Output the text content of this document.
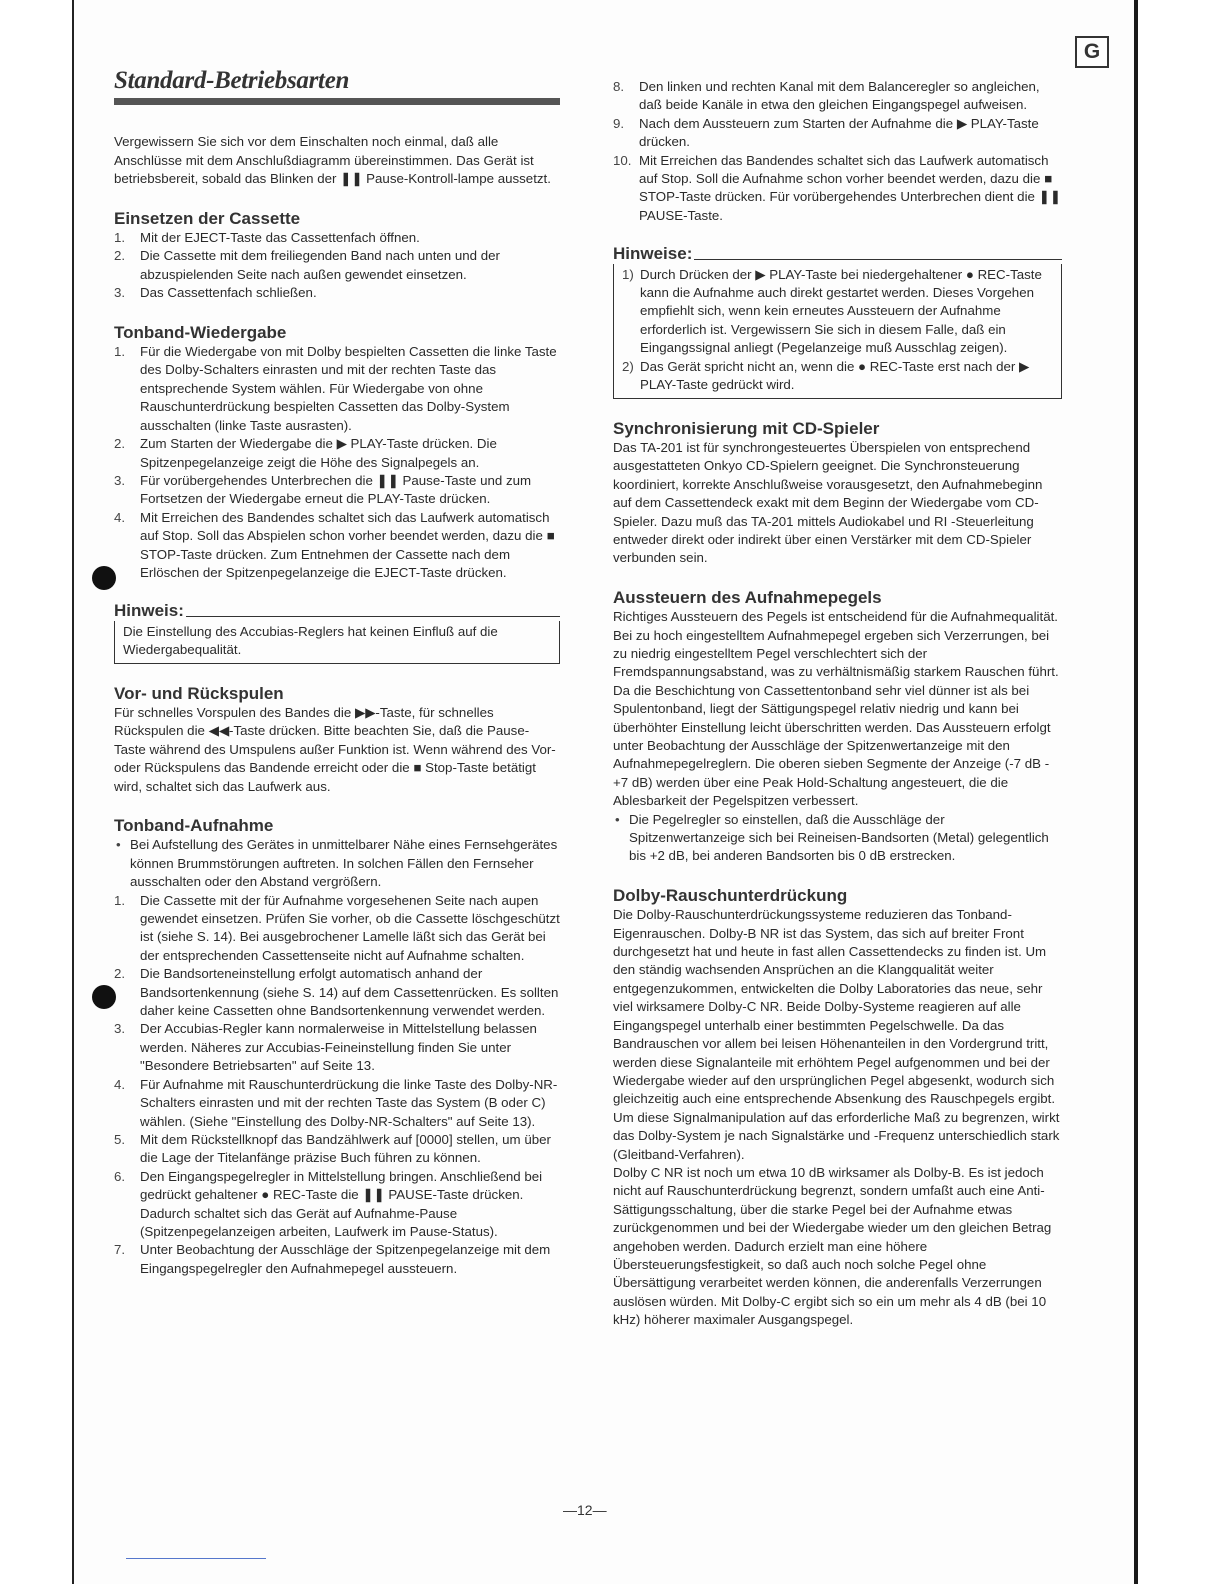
G
Standard-Betriebsarten

Vergewissern Sie sich vor dem Einschalten noch einmal, daß alle Anschlüsse mit dem Anschlußdiagramm übereinstimmen. Das Gerät ist betriebsbereit, sobald das Blinken der ❚❚ Pause-Kontroll-lampe aussetzt.

Einsetzen der Cassette
1. Mit der EJECT-Taste das Cassettenfach öffnen.
2. Die Cassette mit dem freiliegenden Band nach unten und der abzuspielenden Seite nach außen gewendet einsetzen.
3. Das Cassettenfach schließen.
Tonband-Wiedergabe
1. Für die Wiedergabe von mit Dolby bespielten Cassetten die linke Taste des Dolby-Schalters einrasten und mit der rechten Taste das entsprechende System wählen. Für Wiedergabe von ohne Rauschunterdrückung bespielten Cassetten das Dolby-System ausschalten (linke Taste ausrasten).
2. Zum Starten der Wiedergabe die ▶ PLAY-Taste drücken. Die Spitzenpegelanzeige zeigt die Höhe des Signalpegels an.
3. Für vorübergehendes Unterbrechen die ❚❚ Pause-Taste und zum Fortsetzen der Wiedergabe erneut die PLAY-Taste drücken.
4. Mit Erreichen des Bandendes schaltet sich das Laufwerk automatisch auf Stop. Soll das Abspielen schon vorher beendet werden, dazu die ■ STOP-Taste drücken. Zum Entnehmen der Cassette nach dem Erlöschen der Spitzenpegelanzeige die EJECT-Taste drücken.
Hinweis:

Die Einstellung des Accubias-Reglers hat keinen Einfluß auf die Wiedergabequalität.

Vor- und Rückspulen

Für schnelles Vorspulen des Bandes die ▶▶-Taste, für schnelles Rückspulen die ◀◀-Taste drücken. Bitte beachten Sie, daß die Pause-Taste während des Umspulens außer Funktion ist. Wenn während des Vor- oder Rückspulens das Bandende erreicht oder die ■ Stop-Taste betätigt wird, schaltet sich das Laufwerk aus.

Tonband-Aufnahme
• Bei Aufstellung des Gerätes in unmittelbarer Nähe eines Fernsehgerätes können Brummstörungen auftreten. In solchen Fällen den Fernseher ausschalten oder den Abstand vergrößern.
1. Die Cassette mit der für Aufnahme vorgesehenen Seite nach aupen gewendet einsetzen. Prüfen Sie vorher, ob die Cassette löschgeschützt ist (siehe S. 14). Bei ausgebrochener Lamelle läßt sich das Gerät bei der entsprechenden Cassettenseite nicht auf Aufnahme schalten.
2. Die Bandsorteneinstellung erfolgt automatisch anhand der Bandsortenkennung (siehe S. 14) auf dem Cassettenrücken. Es sollten daher keine Cassetten ohne Bandsortenkennung verwendet werden.
3. Der Accubias-Regler kann normalerweise in Mittelstellung belassen werden. Näheres zur Accubias-Feineinstellung finden Sie unter "Besondere Betriebsarten" auf Seite 13.
4. Für Aufnahme mit Rauschunterdrückung die linke Taste des Dolby-NR-Schalters einrasten und mit der rechten Taste das System (B oder C) wählen. (Siehe "Einstellung des Dolby-NR-Schalters" auf Seite 13).
5. Mit dem Rückstellknopf das Bandzählwerk auf [0000] stellen, um über die Lage der Titelanfänge präzise Buch führen zu können.
6. Den Eingangspegelregler in Mittelstellung bringen. Anschließend bei gedrückt gehaltener ● REC-Taste die ❚❚ PAUSE-Taste drücken. Dadurch schaltet sich das Gerät auf Aufnahme-Pause (Spitzenpegelanzeigen arbeiten, Laufwerk im Pause-Status).
7. Unter Beobachtung der Ausschläge der Spitzenpegelanzeige mit dem Eingangspegelregler den Aufnahmepegel aussteuern.
8. Den linken und rechten Kanal mit dem Balanceregler so angleichen, daß beide Kanäle in etwa den gleichen Eingangspegel aufweisen.
9. Nach dem Aussteuern zum Starten der Aufnahme die ▶ PLAY-Taste drücken.
10. Mit Erreichen das Bandendes schaltet sich das Laufwerk automatisch auf Stop. Soll die Aufnahme schon vorher beendet werden, dazu die ■ STOP-Taste drücken. Für vorübergehendes Unterbrechen dient die ❚❚ PAUSE-Taste.
Hinweise:
1) Durch Drücken der ▶ PLAY-Taste bei niedergehaltener ● REC-Taste kann die Aufnahme auch direkt gestartet werden. Dieses Vorgehen empfiehlt sich, wenn kein erneutes Aussteuern der Aufnahme erforderlich ist. Vergewissern Sie sich in diesem Falle, daß ein Eingangssignal anliegt (Pegelanzeige muß Ausschlag zeigen).
2) Das Gerät spricht nicht an, wenn die ● REC-Taste erst nach der ▶ PLAY-Taste gedrückt wird.
Synchronisierung mit CD-Spieler

Das TA-201 ist für synchrongesteuertes Überspielen von entsprechend ausgestatteten Onkyo CD-Spielern geeignet. Die Synchronsteuerung koordiniert, korrekte Anschlußweise vorausgesetzt, den Aufnahmebeginn auf dem Cassettendeck exakt mit dem Beginn der Wiedergabe vom CD-Spieler. Dazu muß das TA-201 mittels Audiokabel und RI -Steuerleitung entweder direkt oder indirekt über einen Verstärker mit dem CD-Spieler verbunden sein.

Aussteuern des Aufnahmepegels

Richtiges Aussteuern des Pegels ist entscheidend für die Aufnahmequalität. Bei zu hoch eingestelltem Aufnahmepegel ergeben sich Verzerrungen, bei zu niedrig eingestelltem Pegel verschlechtert sich der Fremdspannungsabstand, was zu verhältnismäßig starkem Rauschen führt. Da die Beschichtung von Cassettentonband sehr viel dünner ist als bei Spulentonband, liegt der Sättigungspegel relativ niedrig und kann bei überhöhter Einstellung leicht überschritten werden. Das Aussteuern erfolgt unter Beobachtung der Ausschläge der Spitzenwertanzeige mit den Aufnahmepegelreglern. Die oberen sieben Segmente der Anzeige (-7 dB - +7 dB) werden über eine Peak Hold-Schaltung angesteuert, die die Ablesbarkeit der Pegelspitzen verbessert.

• Die Pegelregler so einstellen, daß die Ausschläge der Spitzenwertanzeige sich bei Reineisen-Bandsorten (Metal) gelegentlich bis +2 dB, bei anderen Bandsorten bis 0 dB erstrecken.
Dolby-Rauschunterdrückung

Die Dolby-Rauschunterdrückungssysteme reduzieren das Tonband-Eigenrauschen. Dolby-B NR ist das System, das sich auf breiter Front durchgesetzt hat und heute in fast allen Cassettendecks zu finden ist. Um den ständig wachsenden Ansprüchen an die Klangqualität weiter entgegenzukommen, entwickelten die Dolby Laboratories das neue, sehr viel wirksamere Dolby-C NR. Beide Dolby-Systeme reagieren auf alle Eingangspegel unterhalb einer bestimmten Pegelschwelle. Da das Bandrauschen vor allem bei leisen Höhenanteilen in den Vordergrund tritt, werden diese Signalanteile mit erhöhtem Pegel aufgenommen und bei der Wiedergabe wieder auf den ursprünglichen Pegel abgesenkt, wodurch sich gleichzeitig auch eine entsprechende Absenkung des Rauschpegels ergibt. Um diese Signalmanipulation auf das erforderliche Maß zu begrenzen, wirkt das Dolby-System je nach Signalstärke und -Frequenz unterschiedlich stark (Gleitband-Verfahren).

Dolby C NR ist noch um etwa 10 dB wirksamer als Dolby-B. Es ist jedoch nicht auf Rauschunterdrückung begrenzt, sondern umfaßt auch eine Anti-Sättigungsschaltung, über die starke Pegel bei der Aufnahme etwas zurückgenommen und bei der Wiedergabe wieder um den gleichen Betrag angehoben werden. Dadurch erzielt man eine höhere Übersteuerungsfestigkeit, so daß auch noch solche Pegel ohne Übersättigung verarbeitet werden können, die anderenfalls Verzerrungen auslösen würden. Mit Dolby-C ergibt sich so ein um mehr als 4 dB (bei 10 kHz) höherer maximaler Ausgangspegel.

—12—
